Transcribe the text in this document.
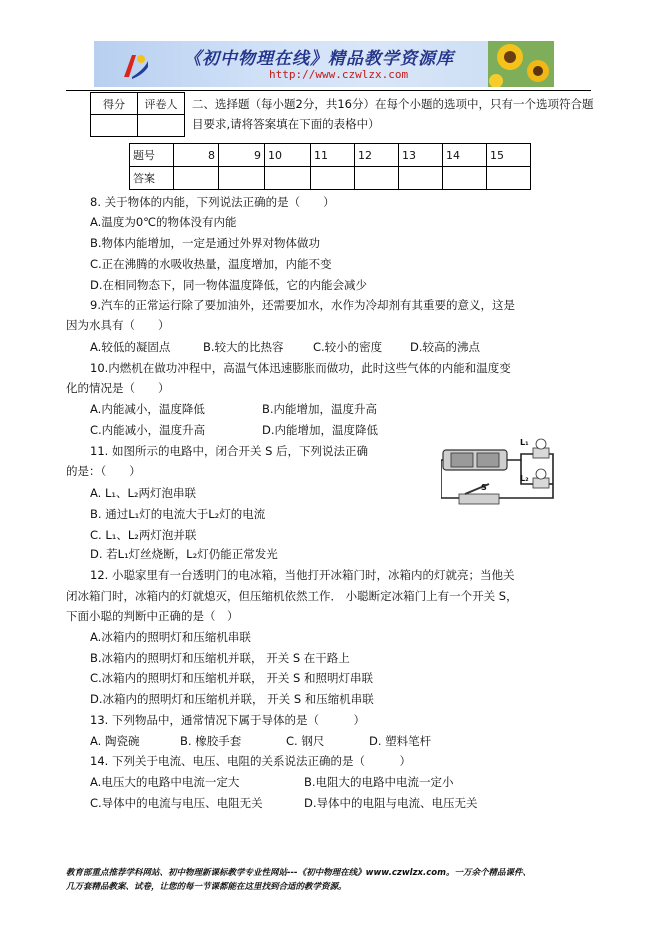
《初中物理在线》精品教学资源库
http://www.czwlzx.com
得分	评卷人
	二、选择题（每小题2分，共16分）在每个小题的选项中，只有一个选项符合题目要求,请将答案填在下面的表格中）
题号	8	9	10	11	12	13	14	15
答案								
8. 关于物体的内能，下列说法正确的是（　　）
A.温度为0℃的物体没有内能
B.物体内能增加，一定是通过外界对物体做功
C.正在沸腾的水吸收热量，温度增加，内能不变
D.在相同物态下，同一物体温度降低，它的内能会减少
9.汽车的正常运行除了要加油外，还需要加水，水作为冷却剂有其重要的意义，这是
因为水具有（　　）
A.较低的凝固点	B.较大的比热容	C.较小的密度 D.较高的沸点
10.内燃机在做功冲程中，高温气体迅速膨胀而做功，此时这些气体的内能和温度变
化的情况是（　　）
A.内能减小，温度降低	B.内能增加，温度升高
C.内能减小，温度升高	D.内能增加，温度降低
11. 如图所示的电路中，闭合开关 S 后，下列说法正确
的是：（　　）
A. L₁、L₂两灯泡串联
B. 通过L₁灯的电流大于L₂灯的电流
C. L₁、L₂两灯泡并联
D. 若L₁灯丝烧断，L₂灯仍能正常发光
L₁
L₂
S
12. 小聪家里有一台透明门的电冰箱，当他打开冰箱门时，冰箱内的灯就亮；当他关
闭冰箱门时，冰箱内的灯就熄灭，但压缩机依然工作． 小聪断定冰箱门上有一个开关 S，
下面小聪的判断中正确的是（　）
A.冰箱内的照明灯和压缩机串联
B.冰箱内的照明灯和压缩机并联， 开关 S 在干路上
C.冰箱内的照明灯和压缩机并联， 开关 S 和照明灯串联
D.冰箱内的照明灯和压缩机并联， 开关 S 和压缩机串联
13. 下列物品中，通常情况下属于导体的是（　　　）
A. 陶瓷碗	B. 橡胶手套	C. 钢尺	D. 塑料笔杆
14. 下列关于电流、电压、电阻的关系说法正确的是（　　　）
A.电压大的电路中电流一定大	B.电阻大的电路中电流一定小
C.导体中的电流与电压、电阻无关	D.导体中的电阻与电流、电压无关
教育部重点推荐学科网站、初中物理新课标教学专业性网站---《初中物理在线》www.czwlzx.com。一万余个精品课件、
几万套精品教案、试卷，让您的每一节课都能在这里找到合适的教学资源。
